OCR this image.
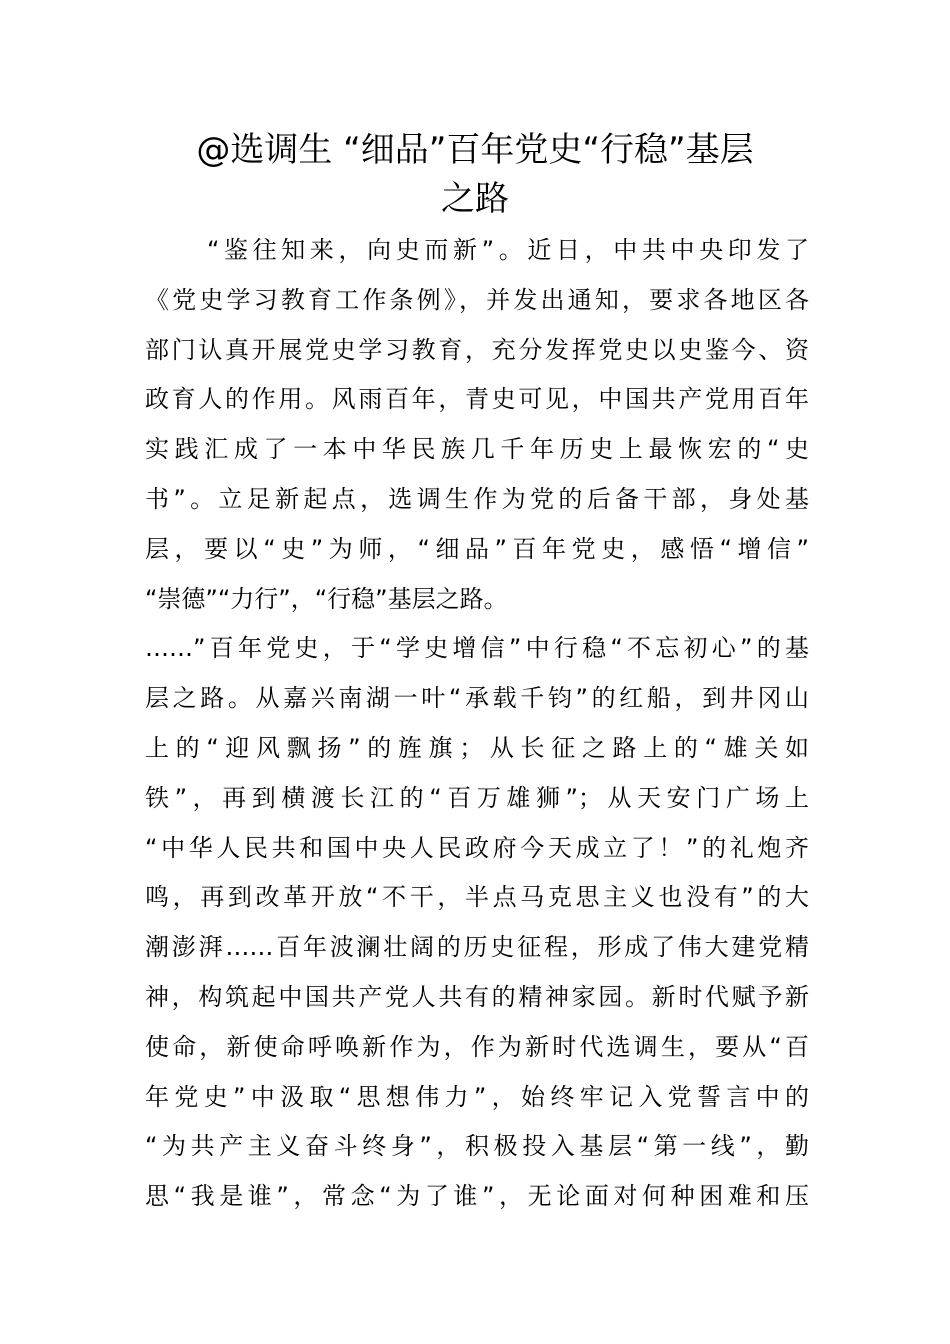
@选调生 “细品”百年党史“行稳”基层
之路
“鉴往知来，向史而新”。近日，中共中央印发了
《党史学习教育工作条例》，并发出通知，要求各地区各
部门认真开展党史学习教育，充分发挥党史以史鉴今、资
政育人的作用。风雨百年，青史可见，中国共产党用百年
实践汇成了一本中华民族几千年历史上最恢宏的“史
书”。立足新起点，选调生作为党的后备干部，身处基
层，要以“史”为师，“细品”百年党史，感悟“增信”
“崇德”“力行”，“行稳”基层之路。
……”百年党史，于“学史增信”中行稳“不忘初心”的基
层之路。从嘉兴南湖一叶“承载千钧”的红船，到井冈山
上的“迎风飘扬”的旌旗；从长征之路上的“雄关如
铁”，再到横渡长江的“百万雄狮”；从天安门广场上
“中华人民共和国中央人民政府今天成立了！”的礼炮齐
鸣，再到改革开放“不干，半点马克思主义也没有”的大
潮澎湃……百年波澜壮阔的历史征程，形成了伟大建党精
神，构筑起中国共产党人共有的精神家园。新时代赋予新
使命，新使命呼唤新作为，作为新时代选调生，要从“百
年党史”中汲取“思想伟力”，始终牢记入党誓言中的
“为共产主义奋斗终身”，积极投入基层“第一线”，勤
思“我是谁”，常念“为了谁”，无论面对何种困难和压
